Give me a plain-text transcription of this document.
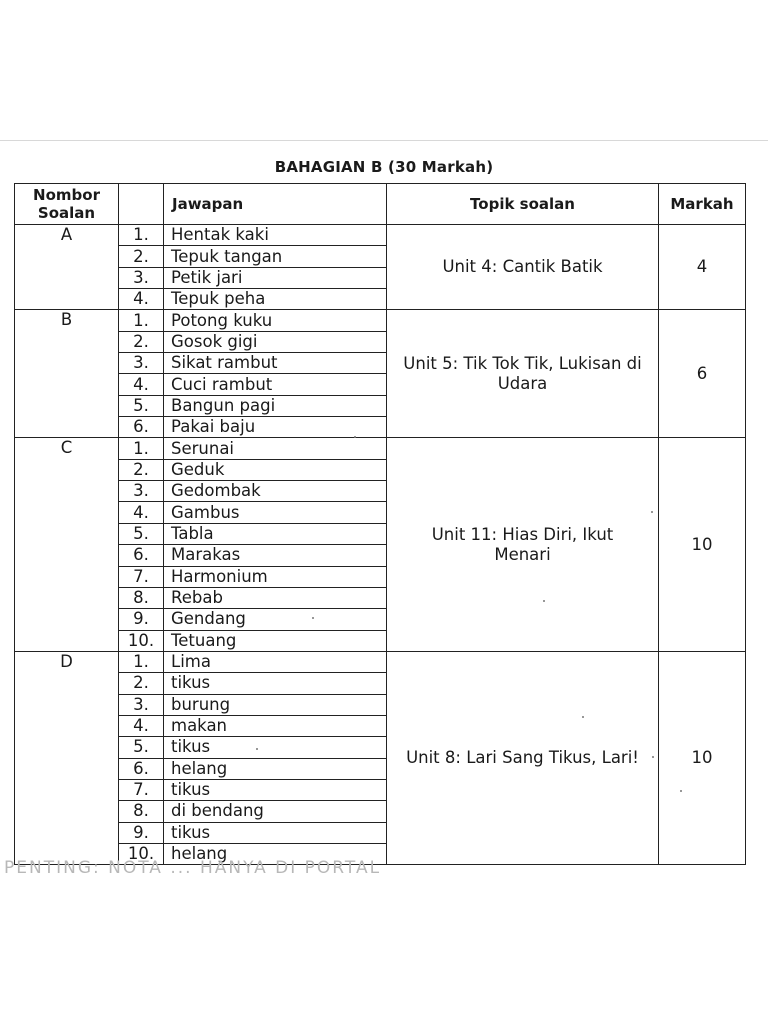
BAHAGIAN B (30 Markah)
Nombor
Soalan		Jawapan	Topik soalan	Markah
A	1.	Hentak kaki	Unit 4: Cantik Batik	4
	2.	Tepuk tangan		
	3.	Petik jari		
	4.	Tepuk peha		
B	1.	Potong kuku	Unit 5: Tik Tok Tik, Lukisan di Udara	6
	2.	Gosok gigi		
	3.	Sikat rambut		
	4.	Cuci rambut		
	5.	Bangun pagi		
	6.	Pakai baju		
C	1.	Serunai	Unit 11: Hias Diri, Ikut Menari	10
	2.	Geduk		
	3.	Gedombak		
	4.	Gambus		
	5.	Tabla		
	6.	Marakas		
	7.	Harmonium		
	8.	Rebab		
	9.	Gendang		
	10.	Tetuang		
D	1.	Lima	Unit 8: Lari Sang Tikus, Lari!	10
	2.	tikus		
	3.	burung		
	4.	makan		
	5.	tikus		
	6.	helang		
	7.	tikus		
	8.	di bendang		
	9.	tikus		
	10.	helang		
PENTING: NOTA ... HANYA DI PORTAL
